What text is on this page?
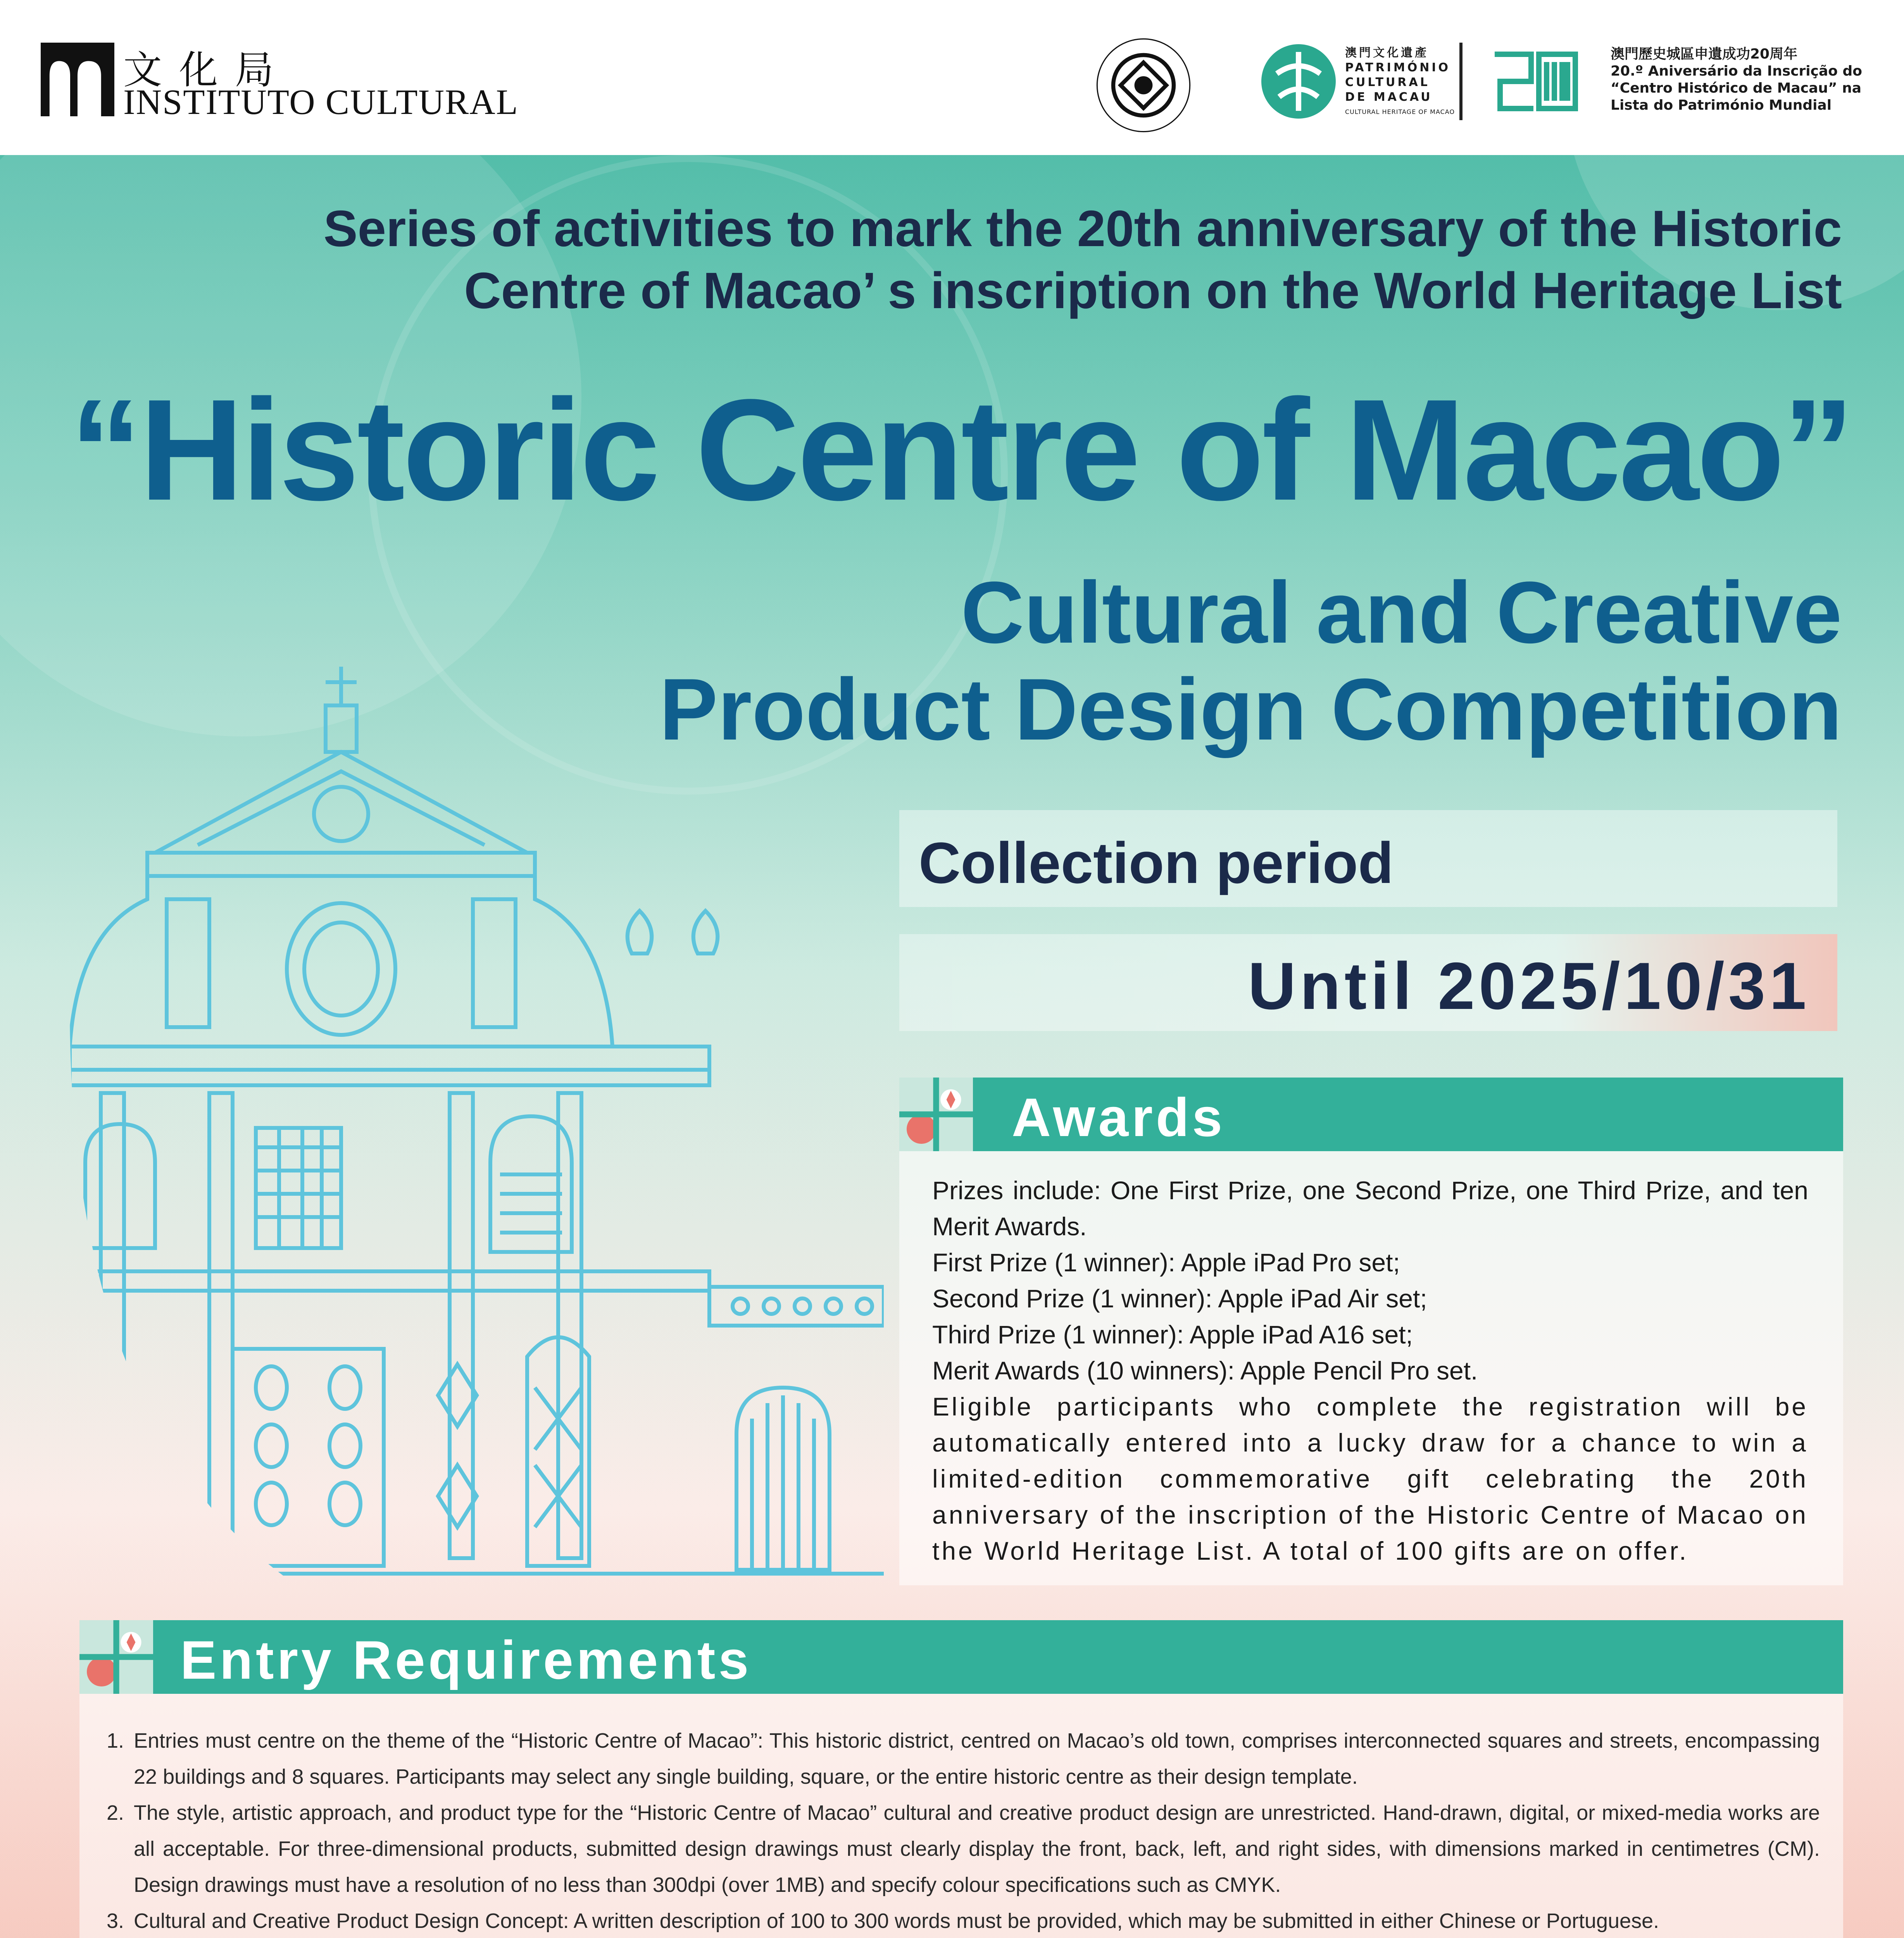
文化局
INSTITUTO CULTURAL
澳門文化遺產
PATRIMÓNIO
CULTURAL
DE MACAU
CULTURAL HERITAGE OF MACAO
澳門歷史城區申遺成功20周年
20.º Aniversário da Inscrição do
“Centro Histórico de Macau” na
Lista do Património Mundial
Series of activities to mark the 20th anniversary of the Historic
Centre of Macao’ s inscription on the World Heritage List
“Historic Centre of Macao”
Cultural and Creative
Product Design Competition
Collection period
Until 2025/10/31
Awards
Prizes include: One First Prize, one Second Prize, one Third Prize, and ten Merit Awards.
First Prize (1 winner): Apple iPad Pro set;
Second Prize (1 winner): Apple iPad Air set;
Third Prize (1 winner): Apple iPad A16 set;
Merit Awards (10 winners): Apple Pencil Pro set.
Eligible participants who complete the registration will be automatically entered into a lucky draw for a chance to win a limited-edition commemorative gift celebrating the 20th anniversary of the inscription of the Historic Centre of Macao on the World Heritage List. A total of 100 gifts are on offer.
Entry Requirements
1. Entries must centre on the theme of the “Historic Centre of Macao”: This historic district, centred on Macao’s old town, comprises interconnected squares and streets, encompassing 22 buildings and 8 squares. Participants may select any single building, square, or the entire historic centre as their design template.
2. The style, artistic approach, and product type for the “Historic Centre of Macao” cultural and creative product design are unrestricted. Hand-drawn, digital, or mixed-media works are all acceptable. For three-dimensional products, submitted design drawings must clearly display the front, back, left, and right sides, with dimensions marked in centimetres (CM). Design drawings must have a resolution of no less than 300dpi (over 1MB) and specify colour specifications such as CMYK.
3. Cultural and Creative Product Design Concept: A written description of 100 to 300 words must be provided, which may be submitted in either Chinese or Portuguese.
